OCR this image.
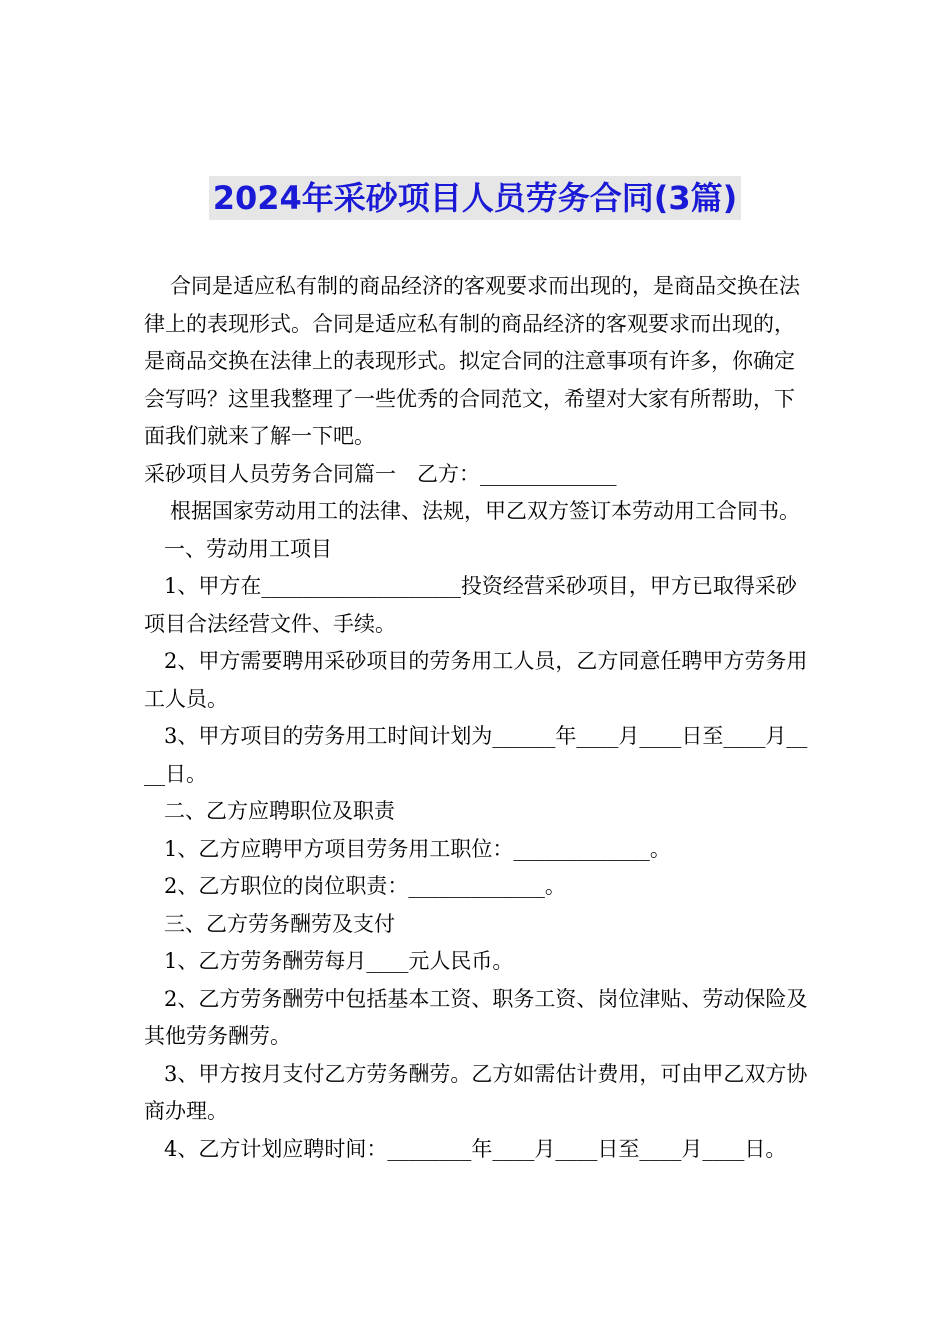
2024年采砂项目人员劳务合同(3篇)

合同是适应私有制的商品经济的客观要求而出现的，是商品交换在法律上的表现形式。合同是适应私有制的商品经济的客观要求而出现的，是商品交换在法律上的表现形式。拟定合同的注意事项有许多，你确定会写吗？这里我整理了一些优秀的合同范文，希望对大家有所帮助，下面我们就来了解一下吧。

采砂项目人员劳务合同篇一　乙方：_____________

根据国家劳动用工的法律、法规，甲乙双方签订本劳动用工合同书。

一、劳动用工项目

1、甲方在___________________投资经营采砂项目，甲方已取得采砂项目合法经营文件、手续。

2、甲方需要聘用采砂项目的劳务用工人员，乙方同意任聘甲方劳务用工人员。

3、甲方项目的劳务用工时间计划为______年____月____日至____月____日。

二、乙方应聘职位及职责

1、乙方应聘甲方项目劳务用工职位：_____________。

2、乙方职位的岗位职责：_____________。

三、乙方劳务酬劳及支付

1、乙方劳务酬劳每月____元人民币。

2、乙方劳务酬劳中包括基本工资、职务工资、岗位津贴、劳动保险及其他劳务酬劳。

3、甲方按月支付乙方劳务酬劳。乙方如需估计费用，可由甲乙双方协商办理。

4、乙方计划应聘时间：________年____月____日至____月____日。
